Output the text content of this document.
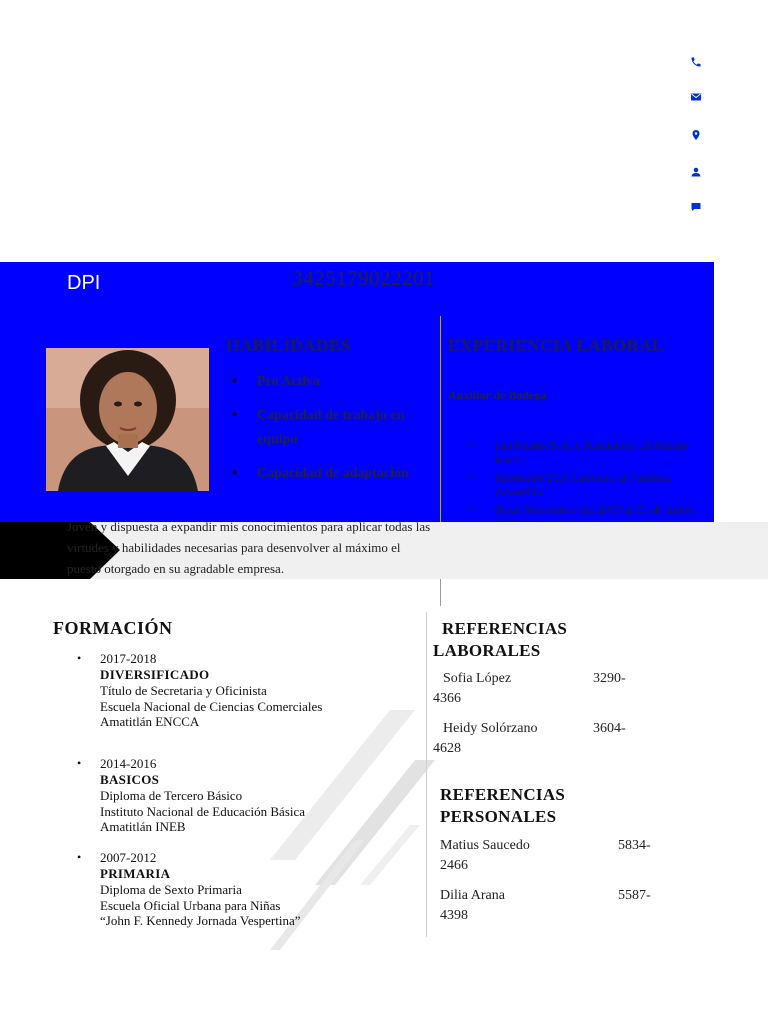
DPI	3425179022201
HABILIDADES
• Pro Activa
• Capacidad de trabajo en equipo
• Capacidad de adaptación
EXPERIENCIA LABORAL
Auxiliar de Bodega
• San Martin S.A. o Almacenes El Mismo Precio.
• Kilómetro 20.5 Carretera al Pacifico, Amatitlán
• 06 de Noviembre del 2019 al 09 de Enero
•
Joven y dispuesta a expandir mis conocimientos para aplicar todas las virtudes y habilidades necesarias para desenvolver al máximo el puesto otorgado en su agradable empresa.
FORMACIÓN
• 2017-2018
DIVERSIFICADO
Título de Secretaria y Oficinista
Escuela Nacional de Ciencias Comerciales
Amatitlán ENCCA
• 2014-2016
BASICOS
Diploma de Tercero Básico
Instituto Nacional de Educación Básica
Amatitlán INEB
• 2007-2012
PRIMARIA
Diploma de Sexto Primaria
Escuela Oficial Urbana para Niñas
“John F. Kennedy Jornada Vespertina”
REFERENCIAS
LABORALES
Sofia López	3290-
4366
Heidy Solórzano	3604-
4628
REFERENCIAS
PERSONALES
Matius Saucedo	5834-
2466
Dilia Arana	5587-
4398
